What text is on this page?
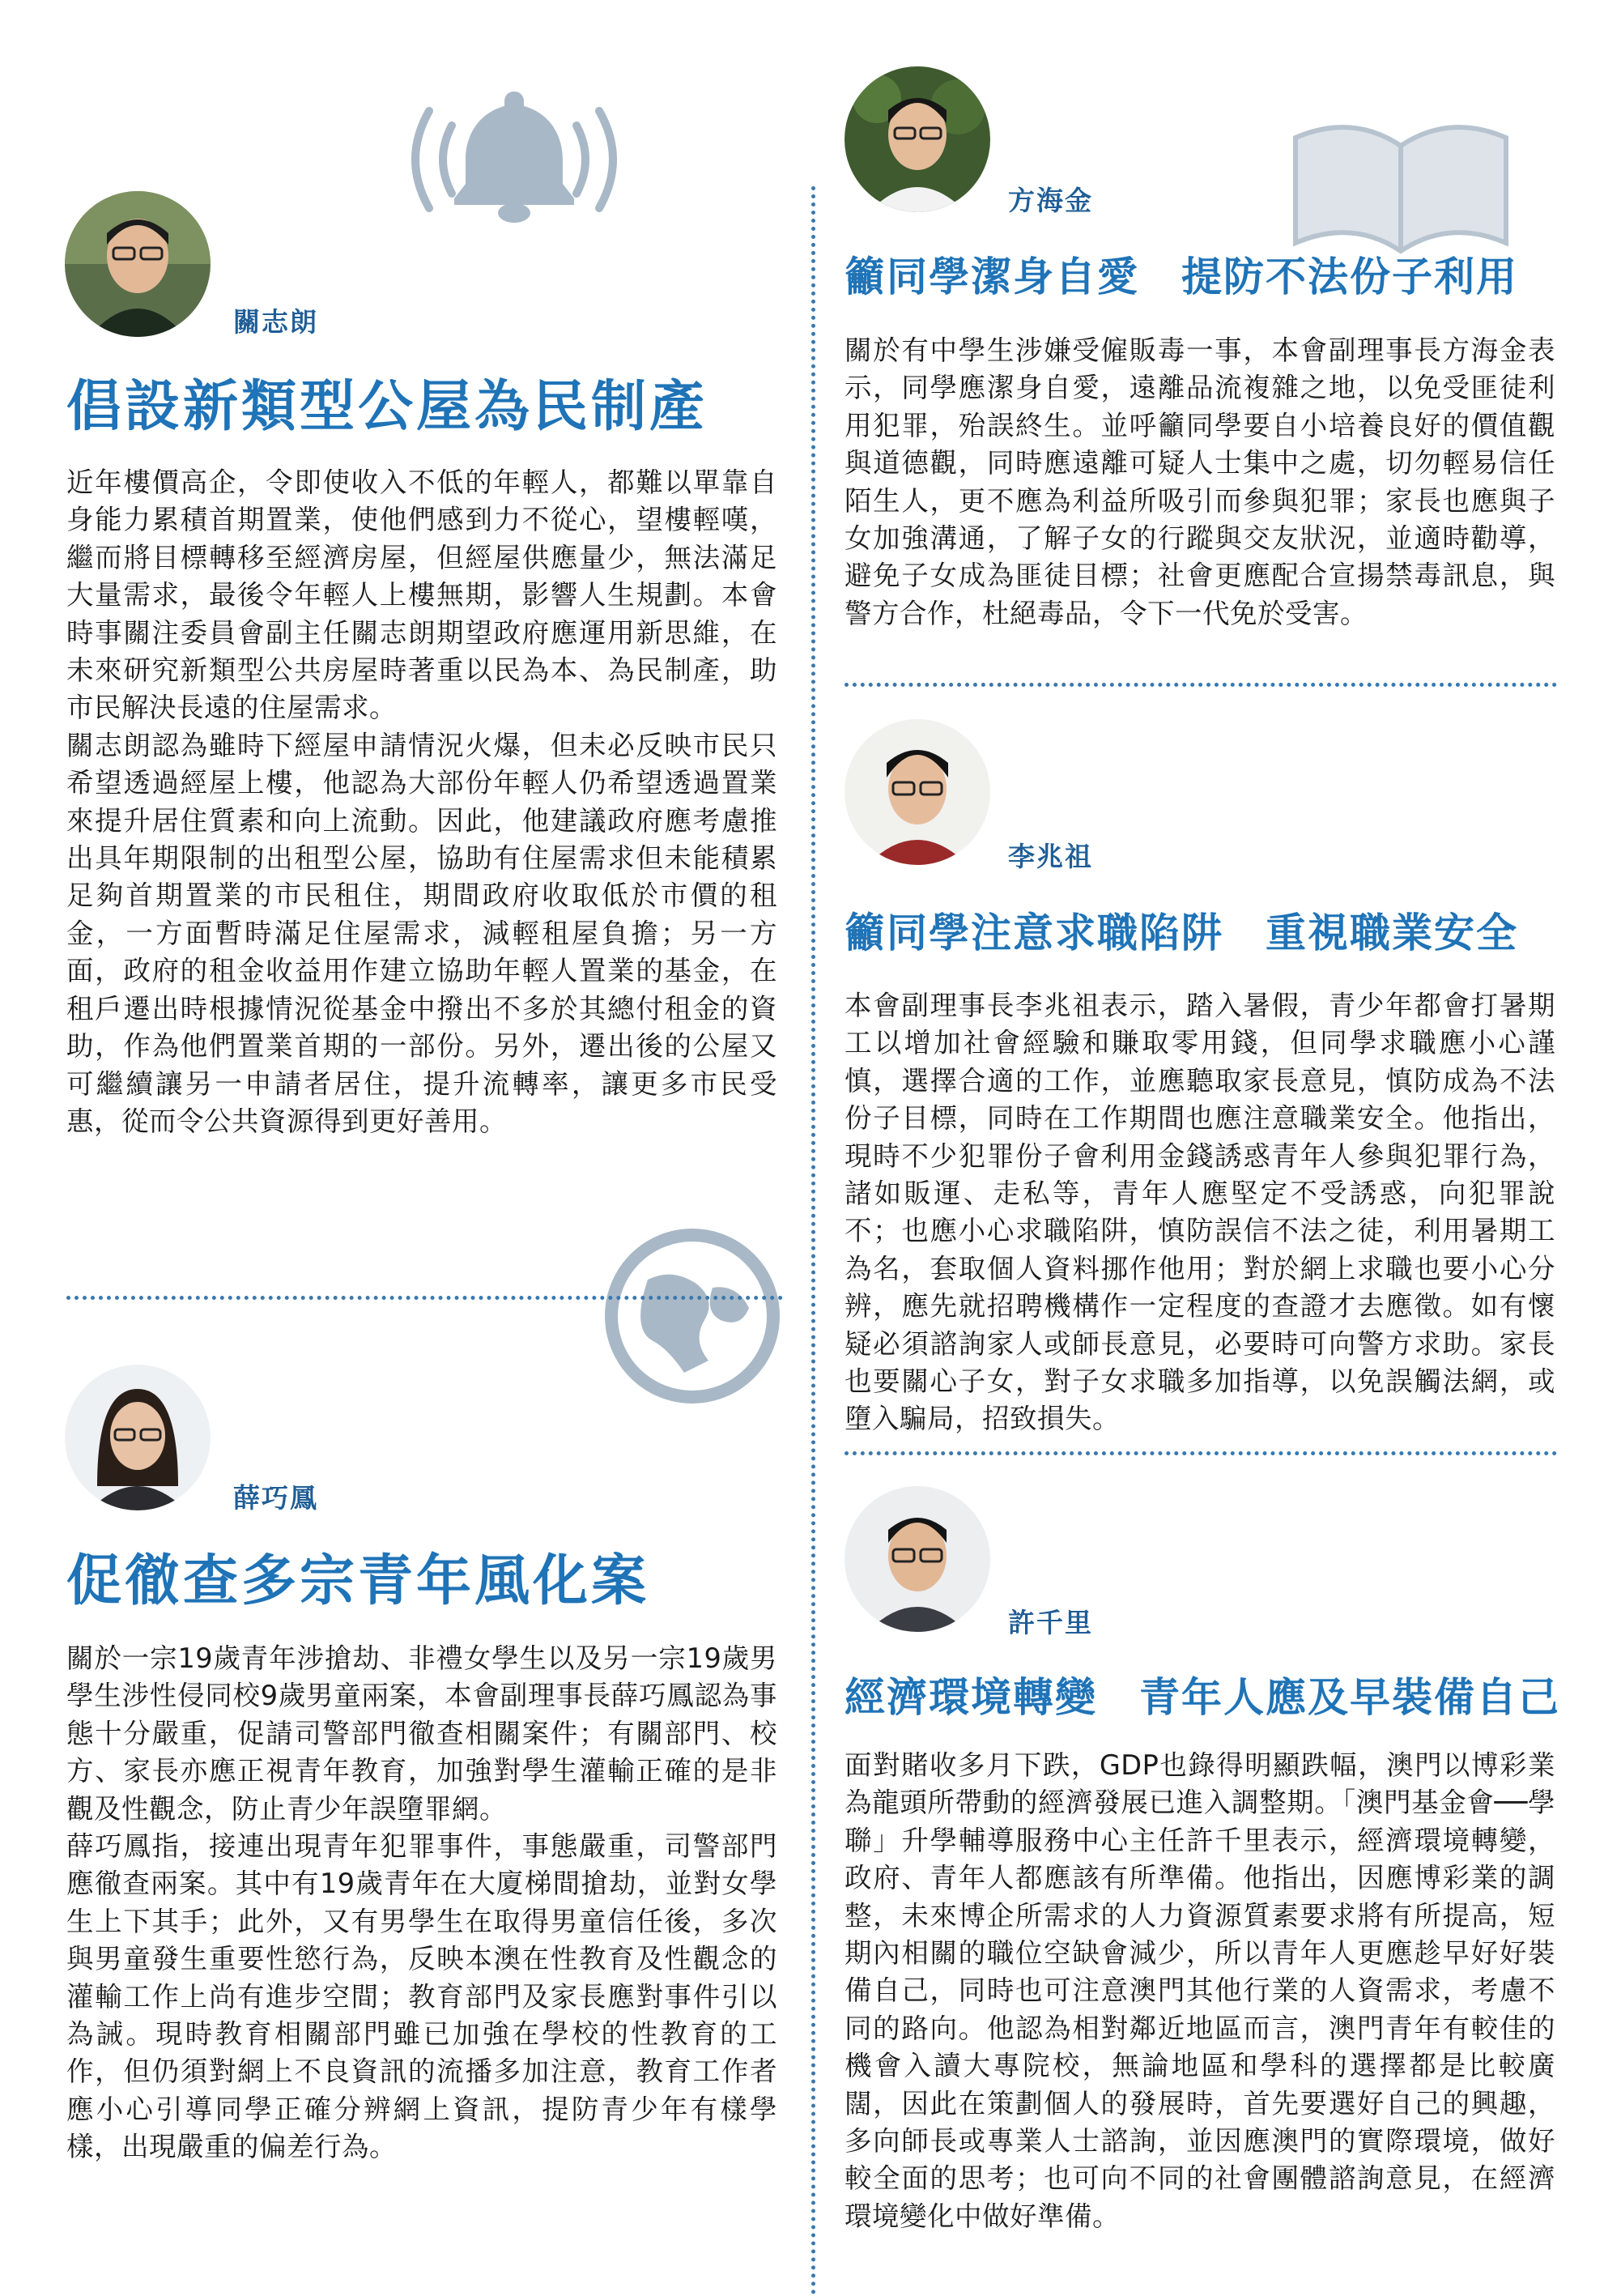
關志朗
倡設新類型公屋為民制產

近年樓價高企，令即使收入不低的年輕人，都難以單靠自身能力累積首期置業，使他們感到力不從心，望樓輕嘆，繼而將目標轉移至經濟房屋，但經屋供應量少，無法滿足大量需求，最後令年輕人上樓無期，影響人生規劃。本會時事關注委員會副主任關志朗期望政府應運用新思維，在未來研究新類型公共房屋時著重以民為本、為民制產，助市民解決長遠的住屋需求。

關志朗認為雖時下經屋申請情況火爆，但未必反映市民只希望透過經屋上樓，他認為大部份年輕人仍希望透過置業來提升居住質素和向上流動。因此，他建議政府應考慮推出具年期限制的出租型公屋，協助有住屋需求但未能積累足夠首期置業的市民租住，期間政府收取低於市價的租金，一方面暫時滿足住屋需求，減輕租屋負擔；另一方面，政府的租金收益用作建立協助年輕人置業的基金，在租戶遷出時根據情況從基金中撥出不多於其總付租金的資助，作為他們置業首期的一部份。另外，遷出後的公屋又可繼續讓另一申請者居住，提升流轉率，讓更多市民受惠，從而令公共資源得到更好善用。

薛巧鳳
促徹查多宗青年風化案

關於一宗19歲青年涉搶劫、非禮女學生以及另一宗19歲男學生涉性侵同校9歲男童兩案，本會副理事長薛巧鳳認為事態十分嚴重，促請司警部門徹查相關案件；有關部門、校方、家長亦應正視青年教育，加強對學生灌輸正確的是非觀及性觀念，防止青少年誤墮罪網。

薛巧鳳指，接連出現青年犯罪事件，事態嚴重，司警部門應徹查兩案。其中有19歲青年在大廈梯間搶劫，並對女學生上下其手；此外，又有男學生在取得男童信任後，多次與男童發生重要性慾行為，反映本澳在性教育及性觀念的灌輸工作上尚有進步空間；教育部門及家長應對事件引以為誡。現時教育相關部門雖已加強在學校的性教育的工作，但仍須對網上不良資訊的流播多加注意，教育工作者應小心引導同學正確分辨網上資訊，提防青少年有樣學樣，出現嚴重的偏差行為。

方海金
籲同學潔身自愛　提防不法份子利用

關於有中學生涉嫌受僱販毒一事，本會副理事長方海金表示，同學應潔身自愛，遠離品流複雜之地，以免受匪徒利用犯罪，殆誤終生。並呼籲同學要自小培養良好的價值觀與道德觀，同時應遠離可疑人士集中之處，切勿輕易信任陌生人，更不應為利益所吸引而參與犯罪；家長也應與子女加強溝通，了解子女的行蹤與交友狀況，並適時勸導，避免子女成為匪徒目標；社會更應配合宣揚禁毒訊息，與警方合作，杜絕毒品，令下一代免於受害。

李兆祖
籲同學注意求職陷阱　重視職業安全

本會副理事長李兆祖表示，踏入暑假，青少年都會打暑期工以增加社會經驗和賺取零用錢，但同學求職應小心謹慎，選擇合適的工作，並應聽取家長意見，慎防成為不法份子目標，同時在工作期間也應注意職業安全。他指出，現時不少犯罪份子會利用金錢誘惑青年人參與犯罪行為，諸如販運、走私等，青年人應堅定不受誘惑，向犯罪說不；也應小心求職陷阱，慎防誤信不法之徒，利用暑期工為名，套取個人資料挪作他用；對於網上求職也要小心分辨，應先就招聘機構作一定程度的查證才去應徵。如有懷疑必須諮詢家人或師長意見，必要時可向警方求助。家長也要關心子女，對子女求職多加指導，以免誤觸法網，或墮入騙局，招致損失。

許千里
經濟環境轉變　青年人應及早裝備自己

面對賭收多月下跌，GDP也錄得明顯跌幅，澳門以博彩業為龍頭所帶動的經濟發展已進入調整期。「澳門基金會──學聯」升學輔導服務中心主任許千里表示，經濟環境轉變，政府、青年人都應該有所準備。他指出，因應博彩業的調整，未來博企所需求的人力資源質素要求將有所提高，短期內相關的職位空缺會減少，所以青年人更應趁早好好裝備自己，同時也可注意澳門其他行業的人資需求，考慮不同的路向。他認為相對鄰近地區而言，澳門青年有較佳的機會入讀大專院校，無論地區和學科的選擇都是比較廣闊，因此在策劃個人的發展時，首先要選好自己的興趣，多向師長或專業人士諮詢，並因應澳門的實際環境，做好較全面的思考；也可向不同的社會團體諮詢意見，在經濟環境變化中做好準備。
